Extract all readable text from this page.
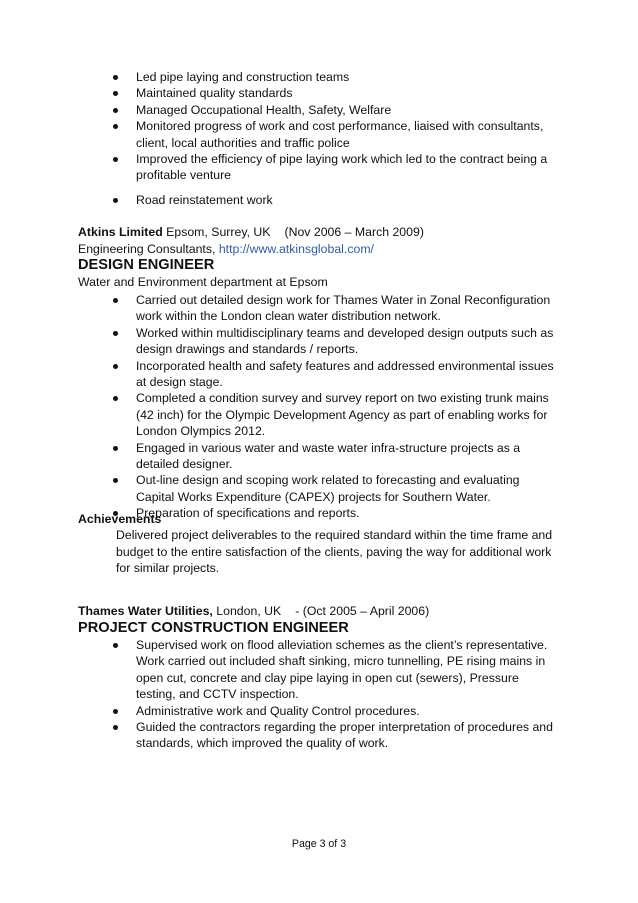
Led pipe laying and construction teams
Maintained quality standards
Managed Occupational Health, Safety, Welfare
Monitored progress of work and cost performance, liaised with consultants, client, local authorities and traffic police
Improved the efficiency of pipe laying work which led to the contract being a profitable venture
Road reinstatement work
Atkins Limited Epsom, Surrey, UK (Nov 2006 – March 2009)
Engineering Consultants, http://www.atkinsglobal.com/
DESIGN ENGINEER
Water and Environment department at Epsom
Carried out detailed design work for Thames Water in Zonal Reconfiguration work within the London clean water distribution network.
Worked within multidisciplinary teams and developed design outputs such as design drawings and standards / reports.
Incorporated health and safety features and addressed environmental issues at design stage.
Completed a condition survey and survey report on two existing trunk mains (42 inch) for the Olympic Development Agency as part of enabling works for London Olympics 2012.
Engaged in various water and waste water infra-structure projects as a detailed designer.
Out-line design and scoping work related to forecasting and evaluating Capital Works Expenditure (CAPEX) projects for Southern Water.
Preparation of specifications and reports.
Achievements
Delivered project deliverables to the required standard within the time frame and budget to the entire satisfaction of the clients, paving the way for additional work for similar projects.
Thames Water Utilities, London, UK - (Oct 2005 – April 2006)
PROJECT CONSTRUCTION ENGINEER
Supervised work on flood alleviation schemes as the client’s representative. Work carried out included shaft sinking, micro tunnelling, PE rising mains in open cut, concrete and clay pipe laying in open cut (sewers), Pressure testing, and CCTV inspection.
Administrative work and Quality Control procedures.
Guided the contractors regarding the proper interpretation of procedures and standards, which improved the quality of work.
Page 3 of 3
